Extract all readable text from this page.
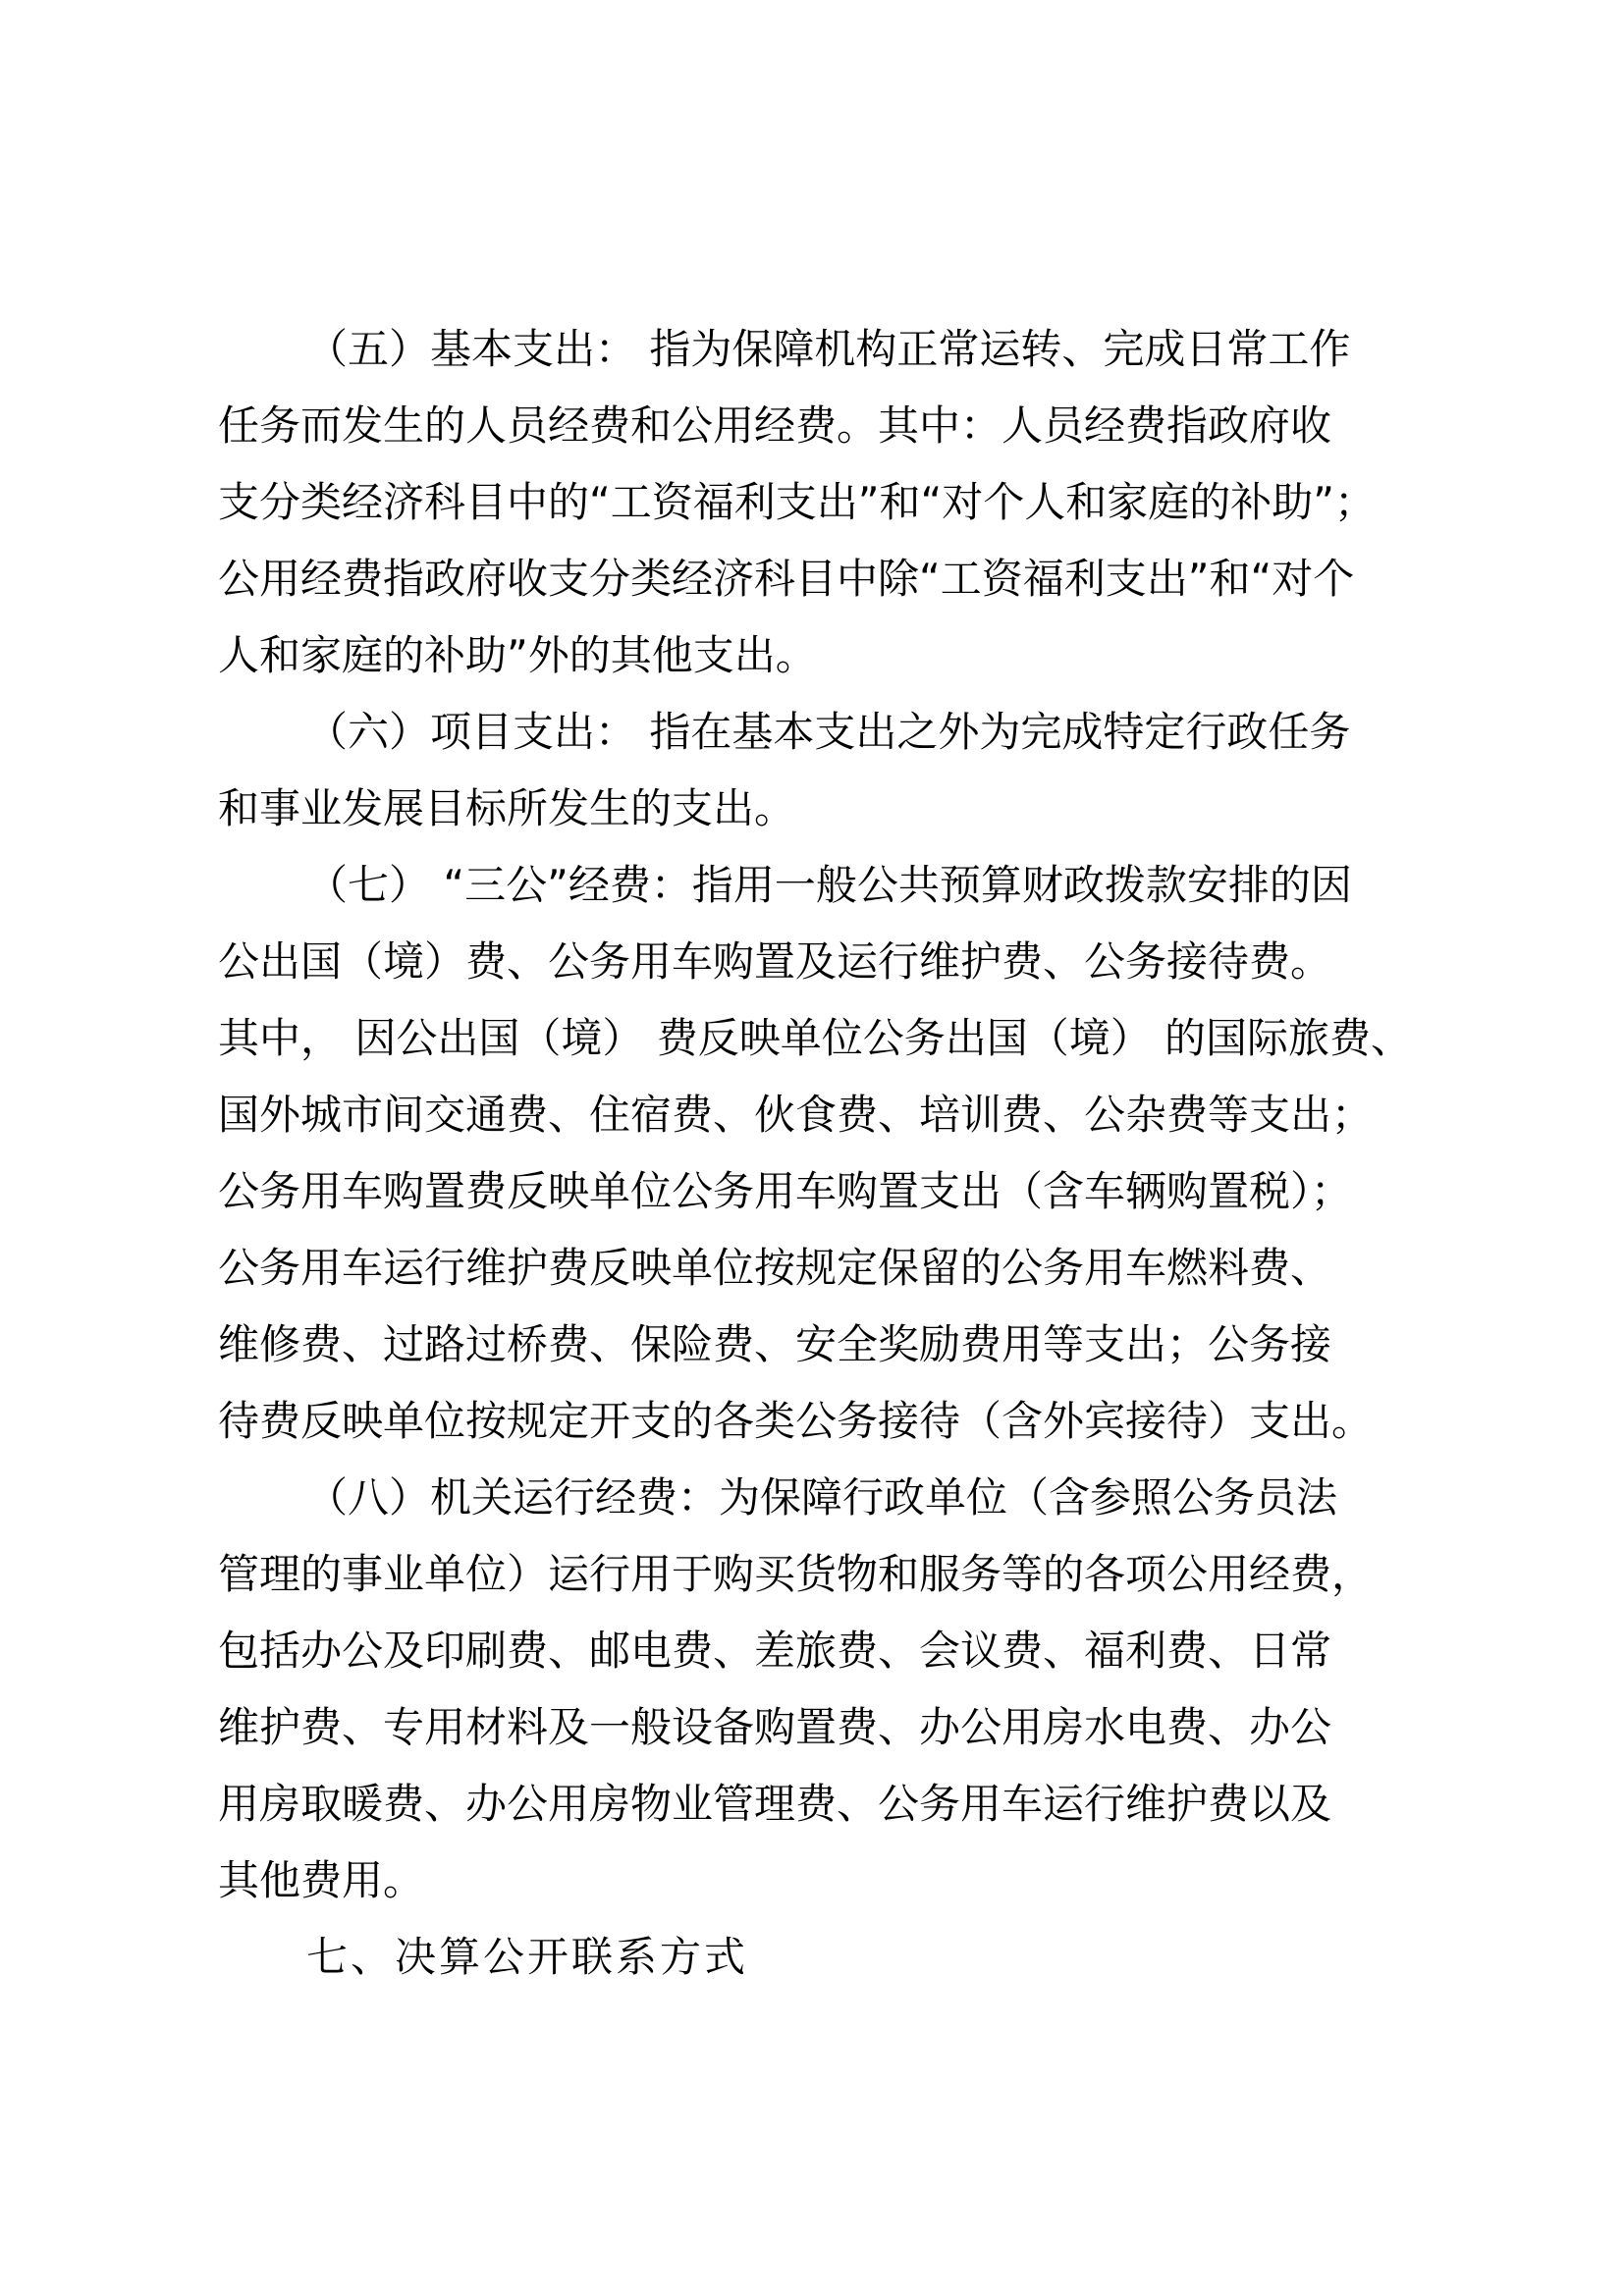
（五）基本支出： 指为保障机构正常运转、完成日常工作
任务而发生的人员经费和公用经费。其中：人员经费指政府收
支分类经济科目中的“工资福利支出”和“对个人和家庭的补助”；
公用经费指政府收支分类经济科目中除“工资福利支出”和“对个
人和家庭的补助”外的其他支出。
（六）项目支出： 指在基本支出之外为完成特定行政任务
和事业发展目标所发生的支出。
（七） “三公”经费：指用一般公共预算财政拨款安排的因
公出国（境）费、公务用车购置及运行维护费、公务接待费。
其中， 因公出国（境） 费反映单位公务出国（境） 的国际旅费、
国外城市间交通费、住宿费、伙食费、培训费、公杂费等支出；
公务用车购置费反映单位公务用车购置支出（含车辆购置税）；
公务用车运行维护费反映单位按规定保留的公务用车燃料费、
维修费、过路过桥费、保险费、安全奖励费用等支出；公务接
待费反映单位按规定开支的各类公务接待（含外宾接待）支出。
（八）机关运行经费：为保障行政单位（含参照公务员法
管理的事业单位）运行用于购买货物和服务等的各项公用经费，
包括办公及印刷费、邮电费、差旅费、会议费、福利费、日常
维护费、专用材料及一般设备购置费、办公用房水电费、办公
用房取暖费、办公用房物业管理费、公务用车运行维护费以及
其他费用。
七、决算公开联系方式
